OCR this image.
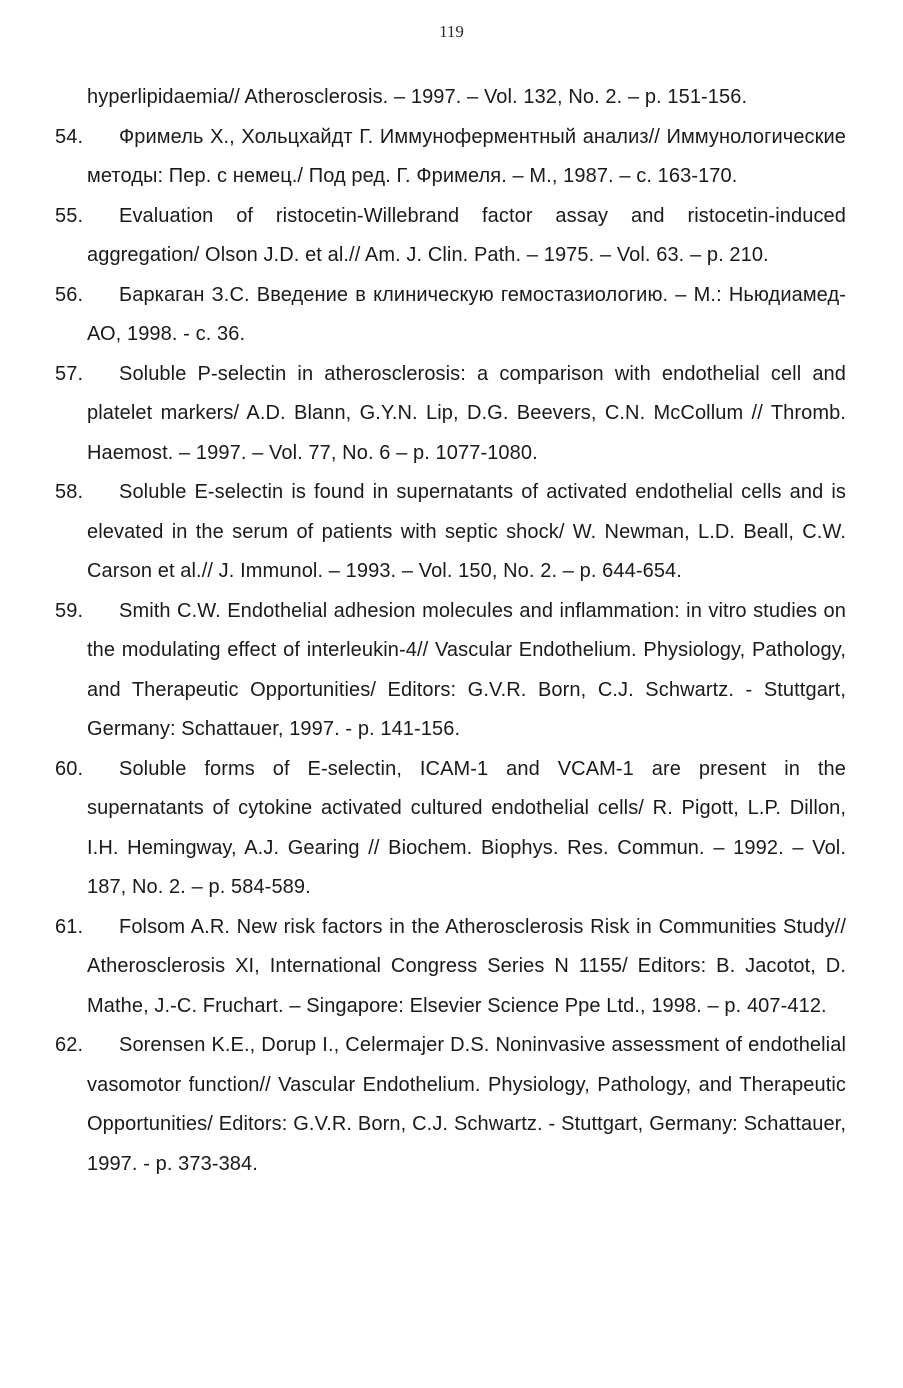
119
hyperlipidaemia// Atherosclerosis. – 1997. – Vol. 132, No. 2. – p. 151-156.
54.	Фримель X., Хольцхайдт Г. Иммуноферментный анализ// Иммунологические методы: Пер. с немец./ Под ред. Г. Фримеля. – М., 1987. – с. 163-170.
55.	Evaluation of ristocetin-Willebrand factor assay and ristocetin-induced aggregation/ Olson J.D. et al.// Am. J. Clin. Path. – 1975. – Vol. 63. – p. 210.
56.	Баркаган З.С. Введение в клиническую гемостазиологию. – М.: Ньюдиамед-АО, 1998. - с. 36.
57.	Soluble P-selectin in atherosclerosis: a comparison with endothelial cell and platelet markers/ A.D. Blann, G.Y.N. Lip, D.G. Beevers, C.N. McCollum // Thromb. Haemost. – 1997. – Vol. 77, No. 6 – p. 1077-1080.
58.	Soluble E-selectin is found in supernatants of activated endothelial cells and is elevated in the serum of patients with septic shock/ W. Newman, L.D. Beall, C.W. Carson et al.// J. Immunol. – 1993. – Vol. 150, No. 2. – p. 644-654.
59.	Smith C.W. Endothelial adhesion molecules and inflammation: in vitro studies on the modulating effect of interleukin-4// Vascular Endothelium. Physiology, Pathology, and Therapeutic Opportunities/ Editors: G.V.R. Born, C.J. Schwartz. - Stuttgart, Germany: Schattauer, 1997. - p. 141-156.
60.	Soluble forms of E-selectin, ICAM-1 and VCAM-1 are present in the supernatants of cytokine activated cultured endothelial cells/ R. Pigott, L.P. Dillon, I.H. Hemingway, A.J. Gearing // Biochem. Biophys. Res. Commun. – 1992. – Vol. 187, No. 2. – p. 584-589.
61.	Folsom A.R. New risk factors in the Atherosclerosis Risk in Communities Study// Atherosclerosis XI, International Congress Series N 1155/ Editors: B. Jacotot, D. Mathe, J.-C. Fruchart. – Singapore: Elsevier Science Ppe Ltd., 1998. – p. 407-412.
62.	Sorensen K.E., Dorup I., Celermajer D.S. Noninvasive assessment of endothelial vasomotor function// Vascular Endothelium. Physiology, Pathology, and Therapeutic Opportunities/ Editors: G.V.R. Born, C.J. Schwartz. - Stuttgart, Germany: Schattauer, 1997. - p. 373-384.
